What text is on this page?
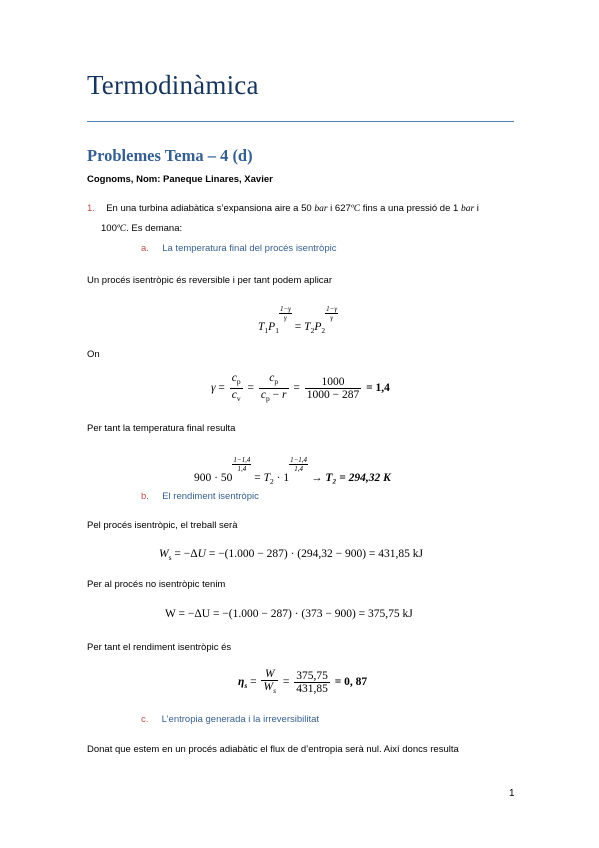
Termodinàmica
Problemes Tema – 4 (d)
Cognoms, Nom: Paneque Linares, Xavier
1. En una turbina adiabàtica s’expansiona aire a 50 bar i 627ºC fins a una pressió de 1 bar i
100ºC. Es demana:
a. La temperatura final del procés isentròpic
Un procés isentròpic és reversible i per tant podem aplicar
$T_1P_1$
$\frac{1-\gamma}{\gamma}$
= $T_2P_2$
$\frac{1-\gamma}{\gamma}$
On
$\gamma = \frac{c_p}{c_v} = \frac{c_p}{c_p - r} = \frac{1000}{1000 - 287} = 1,4$
Per tant la temperatura final resulta
900 · 50
$\frac{1-1,4}{1,4}$
= $T_2 \cdot 1$
$\frac{1-1,4}{1,4}$
→ T₂ = 294,32 K
b. El rendiment isentròpic
Pel procés isentròpic, el treball serà
$W_s = -\Delta U = -(1.000 - 287) \cdot (294,32 - 900) = 431,85$ kJ
Per al procés no isentròpic tenim
W = −ΔU = −(1.000 − 287) · (373 − 900) = 375,75 kJ
Per tant el rendiment isentròpic és
$\eta_s = \frac{W}{W_s} = \frac{375,75}{431,85} = 0$, 87
c. L’entropia generada i la irreversibilitat
Donat que estem en un procés adiabàtic el flux de d’entropia serà nul. Així doncs resulta
1
